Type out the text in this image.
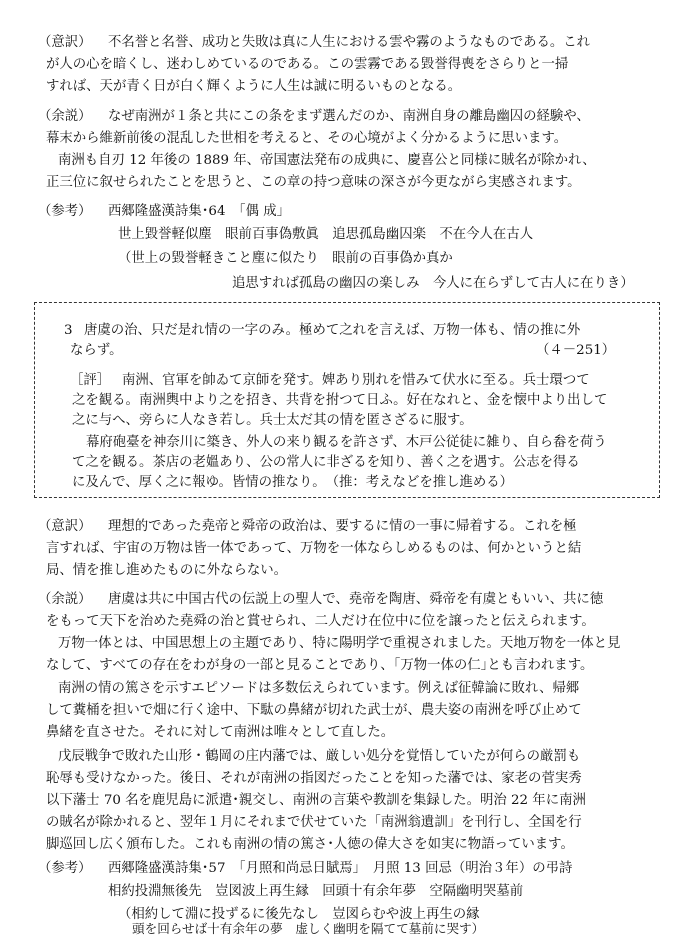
（意訳） 不名誉と名誉、成功と失敗は真に人生における雲や霧のようなものである。これ
が人の心を暗くし、迷わしめているのである。この雲霧である毀誉得喪をさらりと一掃
すれば、天が青く日が白く輝くように人生は誠に明るいものとなる。
（余説） なぜ南洲が１条と共にこの条をまず選んだのか、南洲自身の離島幽囚の経験や、
幕末から維新前後の混乱した世相を考えると、その心境がよく分かるように思います。
南洲も自刃 12 年後の 1889 年、帝国憲法発布の成典に、慶喜公と同様に賊名が除かれ、
正三位に叙せられたことを思うと、この章の持つ意味の深さが今更ながら実感されます。
（参考） 西郷隆盛漢詩集･64　「偶 成」
世上毀誉軽似塵　眼前百事偽敷眞　追思孤島幽囚楽　不在今人在古人
（世上の毀誉軽きこと塵に似たり　眼前の百事偽か真か
追思すれば孤島の幽囚の楽しみ　今人に在らずして古人に在りき）
3 唐虞の治、只だ是れ情の一字のみ。極めて之れを言えば、万物一体も、情の推に外
ならず。	（４－251）
［評］ 南洲、官軍を帥ゐて京師を発す。婢あり別れを惜みて伏水に至る。兵士環つて
之を観る。南洲輿中より之を招き、共背を拊つて日ふ。好在なれと、金を懐中より出して
之に与へ、旁らに人なき若し。兵士太だ其の情を匿さざるに服す。
幕府砲臺を神奈川に築き、外人の来り観るを許さず、木戸公従徒に雑り、自ら畚を荷う
て之を観る。茶店の老媼あり、公の常人に非ざるを知り、善く之を遇す。公志を得る
に及んで、厚く之に報ゆ。皆情の推なり。　（推：考えなどを推し進める）
（意訳） 理想的であった堯帝と舜帝の政治は、要するに情の一事に帰着する。これを極
言すれば、宇宙の万物は皆一体であって、万物を一体ならしめるものは、何かというと結
局、情を推し進めたものに外ならない。
（余説） 唐虞は共に中国古代の伝説上の聖人で、堯帝を陶唐、舜帝を有虞ともいい、共に徳
をもって天下を治めた堯舜の治と賞せられ、二人だけ在位中に位を譲ったと伝えられます。
万物一体とは、中国思想上の主題であり、特に陽明学で重視されました。天地万物を一体と見
なして、すべての存在をわが身の一部と見ることであり、｢万物一体の仁｣とも言われます。
南洲の情の篤さを示すエピソードは多数伝えられています。例えば征韓論に敗れ、帰郷
して糞桶を担いで畑に行く途中、下駄の鼻緒が切れた武士が、農夫姿の南洲を呼び止めて
鼻緒を直させた。それに対して南洲は唯々として直した。
戊辰戦争で敗れた山形・鶴岡の庄内藩では、厳しい処分を覚悟していたが何らの厳罰も
恥辱も受けなかった。後日、それが南洲の指図だったことを知った藩では、家老の菅実秀
以下藩士 70 名を鹿児島に派遣･親交し、南洲の言葉や教訓を集録した。明治 22 年に南洲
の賊名が除かれると、翌年１月にそれまで伏せていた「南洲翁遺訓」を刊行し、全国を行
脚巡回し広く頒布した。これも南洲の情の篤さ･人徳の偉大さを如実に物語っています。
（参考） 西郷隆盛漢詩集･57　「月照和尚忌日賦焉」　月照 13 回忌（明治３年）の弔詩
相約投淵無後先　豈図波上再生縁　回頭十有余年夢　空隔幽明哭墓前
（相約して淵に投ずるに後先なし　豈図らむや波上再生の縁
頭を回らせば十有余年の夢　虚しく幽明を隔てて墓前に哭す）
